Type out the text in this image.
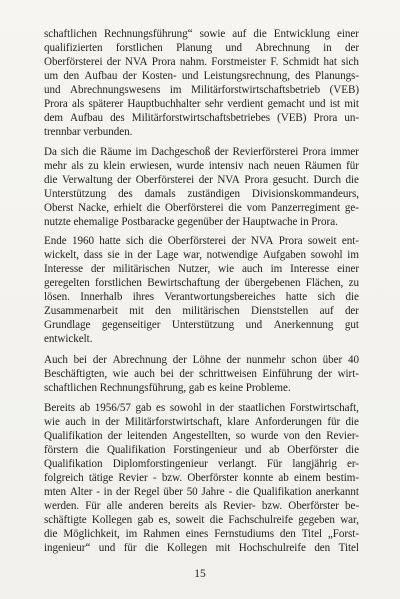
schaftlichen Rechnungsführung“ sowie auf die Entwicklung einer
qualifizierten forstlichen Planung und Abrechnung in der
Oberförsterei der NVA Prora nahm. Forstmeister F. Schmidt hat sich
um den Aufbau der Kosten- und Leistungsrechnung, des Planungs-
und Abrechnungswesens im Militärforstwirtschaftsbetrieb (VEB)
Prora als späterer Hauptbuchhalter sehr verdient gemacht und ist mit
dem Aufbau des Militärforstwirtschaftsbetriebes (VEB) Prora un-
trennbar verbunden.
Da sich die Räume im Dachgeschoß der Revierförsterei Prora immer
mehr als zu klein erwiesen, wurde intensiv nach neuen Räumen für
die Verwaltung der Oberförsterei der NVA Prora gesucht. Durch die
Unterstützung des damals zuständigen Divisionskommandeurs,
Oberst Nacke, erhielt die Oberförsterei die vom Panzerregiment ge-
nutzte ehemalige Postbaracke gegenüber der Hauptwache in Prora.
Ende 1960 hatte sich die Oberförsterei der NVA Prora soweit ent-
wickelt, dass sie in der Lage war, notwendige Aufgaben sowohl im
Interesse der militärischen Nutzer, wie auch im Interesse einer
geregelten forstlichen Bewirtschaftung der übergebenen Flächen, zu
lösen. Innerhalb ihres Verantwortungsbereiches hatte sich die
Zusammenarbeit mit den militärischen Dienststellen auf der
Grundlage gegenseitiger Unterstützung und Anerkennung gut
entwickelt.
Auch bei der Abrechnung der Löhne der nunmehr schon über 40
Beschäftigten, wie auch bei der schrittweisen Einführung der wirt-
schaftlichen Rechnungsführung, gab es keine Probleme.
Bereits ab 1956/57 gab es sowohl in der staatlichen Forstwirtschaft,
wie auch in der Militärforstwirtschaft, klare Anforderungen für die
Qualifikation der leitenden Angestellten, so wurde von den Revier-
förstern die Qualifikation Forstingenieur und ab Oberförster die
Qualifikation Diplomforstingenieur verlangt. Für langjährig er-
folgreich tätige Revier - bzw. Oberförster konnte ab einem bestim-
mten Alter - in der Regel über 50 Jahre - die Qualifikation anerkannt
werden. Für alle anderen bereits als Revier- bzw. Oberförster be-
schäftigte Kollegen gab es, soweit die Fachschulreife gegeben war,
die Möglichkeit, im Rahmen eines Fernstudiums den Titel „Forst-
ingenieur“ und für die Kollegen mit Hochschulreife den Titel
15
